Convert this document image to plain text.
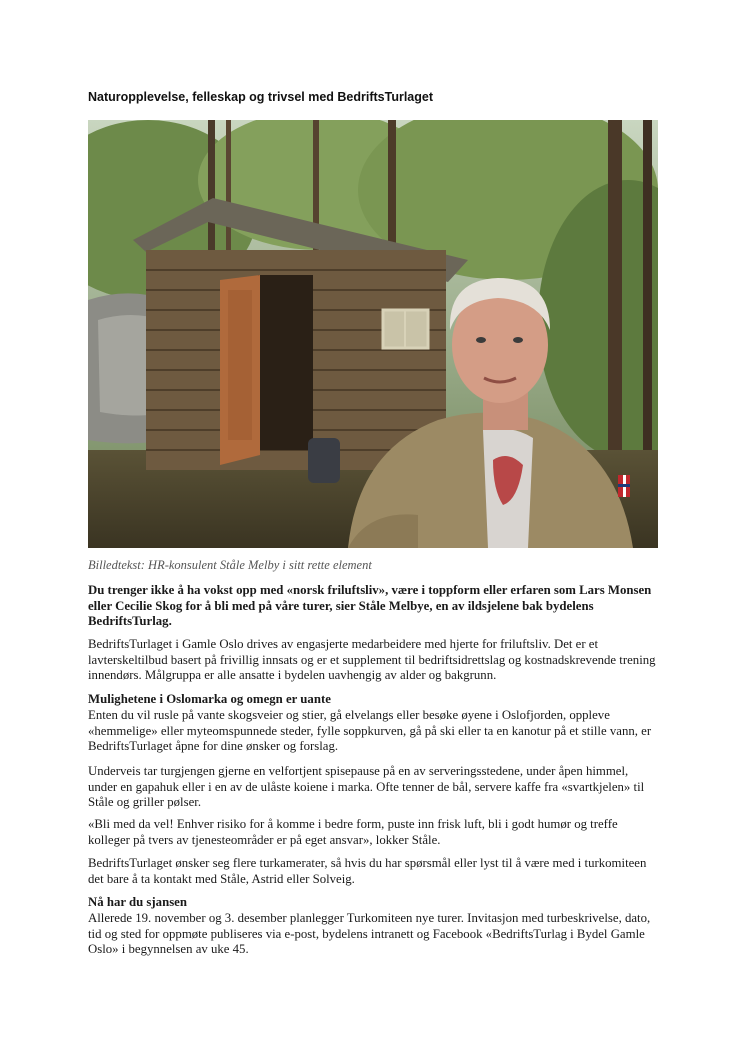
Naturopplevelse, felleskap og trivsel med BedriftsTurlaget
Billedtekst: HR-konsulent Ståle Melby i sitt rette element

Du trenger ikke å ha vokst opp med «norsk friluftsliv», være i toppform eller erfaren som Lars Monsen eller Cecilie Skog for å bli med på våre turer, sier Ståle Melbye, en av ildsjelene bak bydelens BedriftsTurlag.

BedriftsTurlaget i Gamle Oslo drives av engasjerte medarbeidere med hjerte for friluftsliv. Det er et lavterskeltilbud basert på frivillig innsats og er et supplement til bedriftsidrettslag og kostnadskrevende trening innendørs. Målgruppa er alle ansatte i bydelen uavhengig av alder og bakgrunn.

Mulighetene i Oslomarka og omegn er uante

Enten du vil rusle på vante skogsveier og stier, gå elvelangs eller besøke øyene i Oslofjorden, oppleve «hemmelige» eller myteomspunnede steder, fylle soppkurven, gå på ski eller ta en kanotur på et stille vann, er BedriftsTurlaget åpne for dine ønsker og forslag.

Underveis tar turgjengen gjerne en velfortjent spisepause på en av serveringsstedene, under åpen himmel, under en gapahuk eller i en av de ulåste koiene i marka. Ofte tenner de bål, servere kaffe fra «svartkjelen» til Ståle og griller pølser.

«Bli med da vel! Enhver risiko for å komme i bedre form, puste inn frisk luft, bli i godt humør og treffe kolleger på tvers av tjenesteområder er på eget ansvar», lokker Ståle.

BedriftsTurlaget ønsker seg flere turkamerater, så hvis du har spørsmål eller lyst til å være med i turkomiteen det bare å ta kontakt med Ståle, Astrid eller Solveig.

Nå har du sjansen

Allerede 19. november og 3. desember planlegger Turkomiteen nye turer. Invitasjon med turbeskrivelse, dato, tid og sted for oppmøte publiseres via e-post, bydelens intranett og Facebook «BedriftsTurlag i Bydel Gamle Oslo» i begynnelsen av uke 45.
